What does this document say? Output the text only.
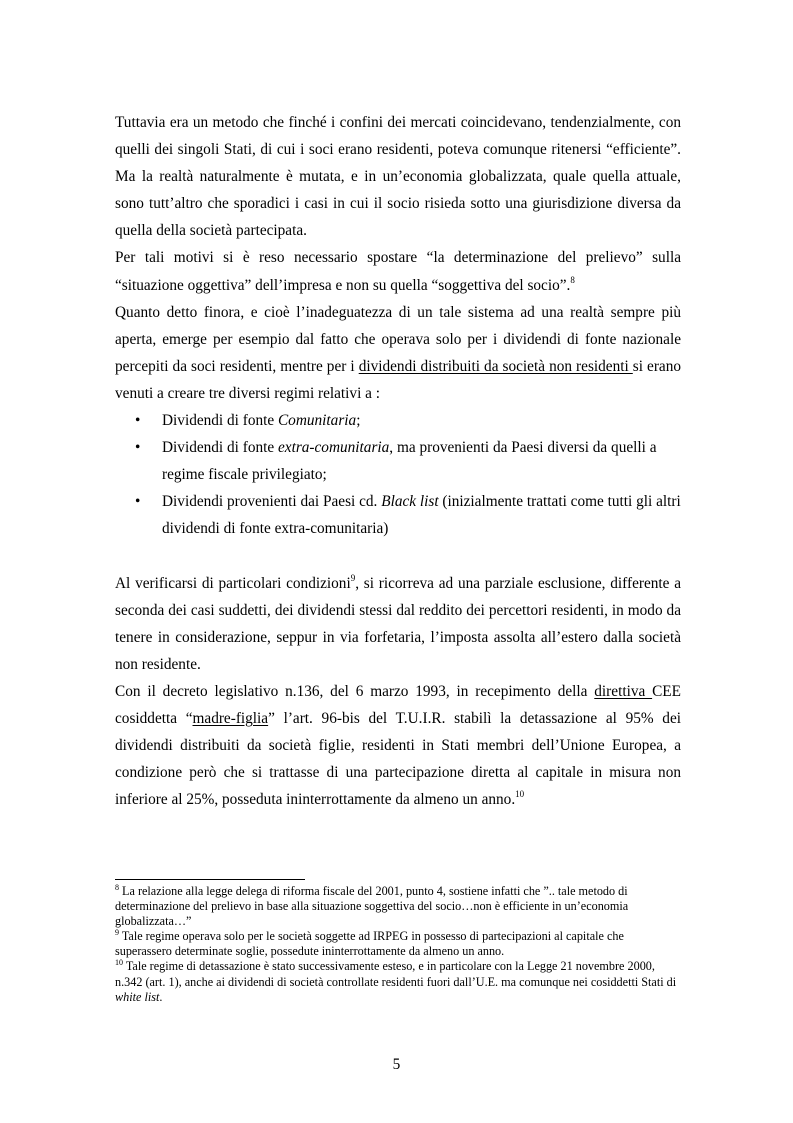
Tuttavia era un metodo che finché i confini dei mercati coincidevano, tendenzialmente, con quelli dei singoli Stati, di cui i soci erano residenti, poteva comunque ritenersi “efficiente”. Ma la realtà naturalmente è mutata, e in un’economia globalizzata, quale quella attuale, sono tutt’altro che sporadici i casi in cui il socio risieda sotto una giurisdizione diversa da quella della società partecipata.

Per tali motivi si è reso necessario spostare “la determinazione del prelievo” sulla “situazione oggettiva” dell’impresa e non su quella “soggettiva del socio”.$^8$

Quanto detto finora, e cioè l’inadeguatezza di un tale sistema ad una realtà sempre più aperta, emerge per esempio dal fatto che operava solo per i dividendi di fonte nazionale percepiti da soci residenti, mentre per i dividendi distribuiti da società non residenti si erano venuti a creare tre diversi regimi relativi a :

• Dividendi di fonte Comunitaria;
• Dividendi di fonte extra-comunitaria, ma provenienti da Paesi diversi da quelli a regime fiscale privilegiato;
• Dividendi provenienti dai Paesi cd. Black list (inizialmente trattati come tutti gli altri dividendi di fonte extra-comunitaria)

Al verificarsi di particolari condizioni$^9$, si ricorreva ad una parziale esclusione, differente a seconda dei casi suddetti, dei dividendi stessi dal reddito dei percettori residenti, in modo da tenere in considerazione, seppur in via forfetaria, l’imposta assolta all’estero dalla società non residente.

Con il decreto legislativo n.136, del 6 marzo 1993, in recepimento della direttiva CEE cosiddetta “madre-figlia” l’art. 96-bis del T.U.I.R. stabilì la detassazione al 95% dei dividendi distribuiti da società figlie, residenti in Stati membri dell’Unione Europea, a condizione però che si trattasse di una partecipazione diretta al capitale in misura non inferiore al 25%, posseduta ininterrottamente da almeno un anno.$^{10}$

$^8$ La relazione alla legge delega di riforma fiscale del 2001, punto 4, sostiene infatti che ”.. tale metodo di determinazione del prelievo in base alla situazione soggettiva del socio…non è efficiente in un’economia globalizzata…”

$^9$ Tale regime operava solo per le società soggette ad IRPEG in possesso di partecipazioni al capitale che superassero determinate soglie, possedute ininterrottamente da almeno un anno.

$^{10}$ Tale regime di detassazione è stato successivamente esteso, e in particolare con la Legge 21 novembre 2000, n.342 (art. 1), anche ai dividendi di società controllate residenti fuori dall’U.E. ma comunque nei cosiddetti Stati di white list.

5
